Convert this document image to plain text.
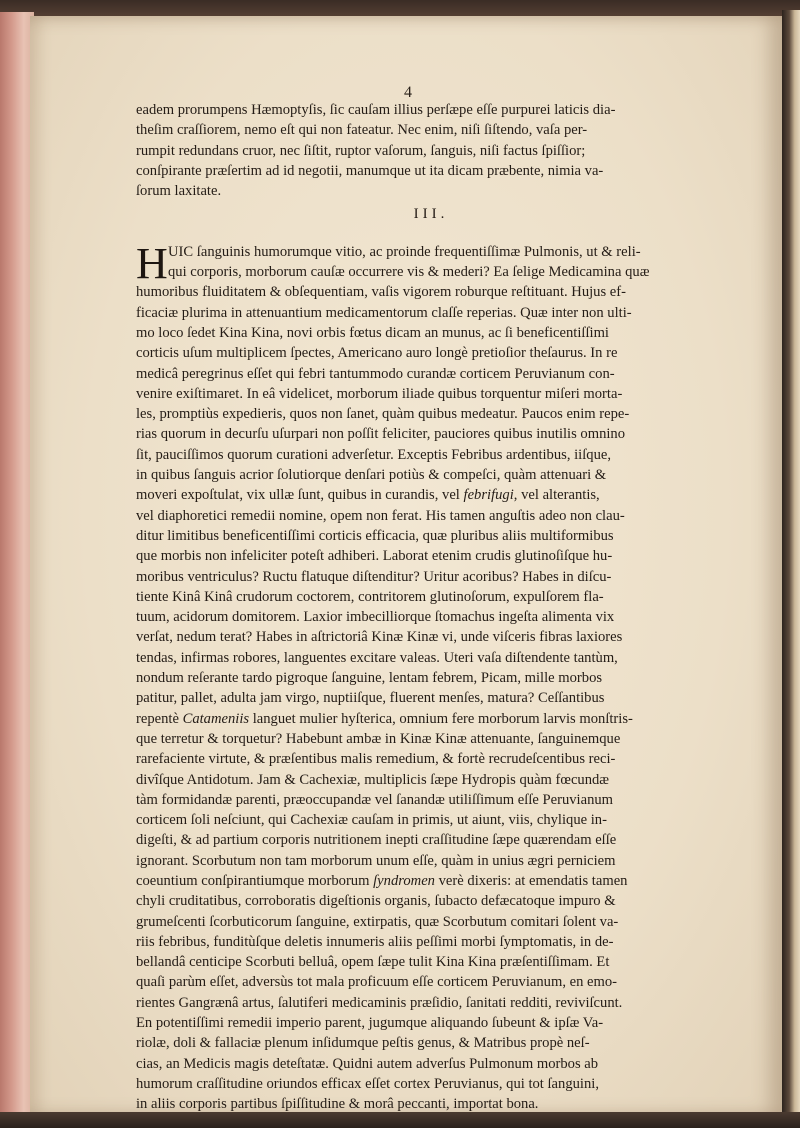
4
eadem prorumpens Hæmoptyſis, ſic cauſam illius perſæpe eſſe purpurei laticis dia-
theſim craſſiorem, nemo eſt qui non fateatur. Nec enim, niſi ſiſtendo, vaſa per-
rumpit redundans cruor, nec ſiſtit, ruptor vaſorum, ſanguis, niſi factus ſpiſſior;
conſpirante præſertim ad id negotii, manumque ut ita dicam præbente, nimia va-
ſorum laxitate.
III.
H UIC ſanguinis humorumque vitio, ac proinde frequentiſſimæ Pulmonis, ut & reli-
qui corporis, morborum cauſæ occurrere vis & mederi? Ea ſelige Medicamina quæ
humoribus fluiditatem & obſequentiam, vaſis vigorem roburque reſtituant. Hujus ef-
ficaciæ plurima in attenuantium medicamentorum claſſe reperias. Quæ inter non ulti-
mo loco ſedet Kina Kina, novi orbis fœtus dicam an munus, ac ſi beneficentiſſimi
corticis uſum multiplicem ſpectes, Americano auro longè pretioſior theſaurus. In re
medicâ peregrinus eſſet qui febri tantummodo curandæ corticem Peruvianum con-
venire exiſtimaret. In eâ videlicet, morborum iliade quibus torquentur miſeri morta-
les, promptiùs expedieris, quos non ſanet, quàm quibus medeatur. Paucos enim repe-
rias quorum in decurſu uſurpari non poſſit feliciter, pauciores quibus inutilis omnino
ſit, pauciſſimos quorum curationi adverſetur. Exceptis Febribus ardentibus, iiſque,
in quibus ſanguis acrior ſolutiorque denſari potiùs & compeſci, quàm attenuari &
moveri expoſtulat, vix ullæ ſunt, quibus in curandis, vel febrifugi, vel alterantis,
vel diaphoretici remedii nomine, opem non ferat. His tamen anguſtis adeo non clau-
ditur limitibus beneficentiſſimi corticis efficacia, quæ pluribus aliis multiformibus
que morbis non infeliciter poteſt adhiberi. Laborat etenim crudis glutinoſiſque hu-
moribus ventriculus? Ructu flatuque diſtenditur? Uritur acoribus? Habes in diſcu-
tiente Kinâ Kinâ crudorum coctorem, contritorem glutinoſorum, expulſorem fla-
tuum, acidorum domitorem. Laxior imbecilliorque ſtomachus ingeſta alimenta vix
verſat, nedum terat? Habes in aſtrictoriâ Kinæ Kinæ vi, unde viſceris fibras laxiores
tendas, infirmas robores, languentes excitare valeas. Uteri vaſa diſtendente tantùm,
nondum reſerante tardo pigroque ſanguine, lentam febrem, Picam, mille morbos
patitur, pallet, adulta jam virgo, nuptiiſque, fluerent menſes, matura? Ceſſantibus
repentè Catameniis languet mulier hyſterica, omnium fere morborum larvis monſtris-
que terretur & torquetur? Habebunt ambæ in Kinæ Kinæ attenuante, ſanguinemque
rarefaciente virtute, & præſentibus malis remedium, & fortè recrudeſcentibus reci-
divîſque Antidotum. Jam & Cachexiæ, multiplicis ſæpe Hydropis quàm fœcundæ
tàm formidandæ parenti, præoccupandæ vel ſanandæ utiliſſimum eſſe Peruvianum
corticem ſoli neſciunt, qui Cachexiæ cauſam in primis, ut aiunt, viis, chylique in-
digeſti, & ad partium corporis nutritionem inepti craſſitudine ſæpe quærendam eſſe
ignorant. Scorbutum non tam morborum unum eſſe, quàm in unius ægri perniciem
coeuntium conſpirantiumque morborum ſyndromen verè dixeris: at emendatis tamen
chyli cruditatibus, corroboratis digeſtionis organis, ſubacto defæcatoque impuro &
grumeſcenti ſcorbuticorum ſanguine, extirpatis, quæ Scorbutum comitari ſolent va-
riis febribus, funditùſque deletis innumeris aliis peſſimi morbi ſymptomatis, in de-
bellandâ centicipe Scorbuti belluâ, opem ſæpe tulit Kina Kina præſentiſſimam. Et
quaſi parùm eſſet, adversùs tot mala proficuum eſſe corticem Peruvianum, en emo-
rientes Gangrænâ artus, ſalutiferi medicaminis præſidio, ſanitati redditi, reviviſcunt.
En potentiſſimi remedii imperio parent, jugumque aliquando ſubeunt & ipſæ Va-
riolæ, doli & fallaciæ plenum inſidumque peſtis genus, & Matribus propè neſ-
cias, an Medicis magis deteſtatæ. Quidni autem adverſus Pulmonum morbos ab
humorum craſſitudine oriundos efficax eſſet cortex Peruvianus, qui tot ſanguini,
in aliis corporis partibus ſpiſſitudine & morâ peccanti, importat bona.
